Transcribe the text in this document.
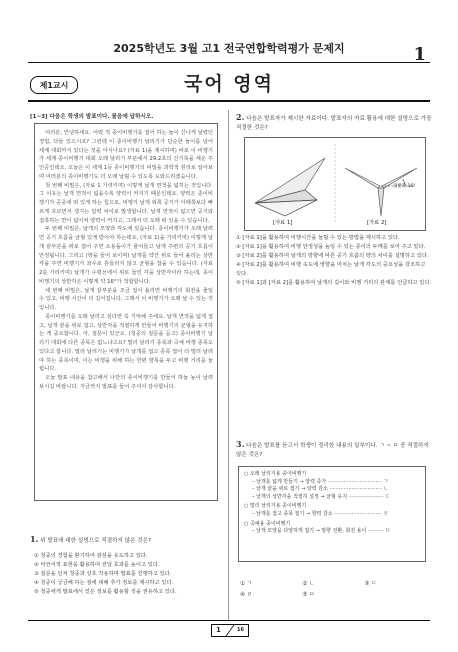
2025학년도 3월 고1 전국연합학력평가 문제지	1
제1교시	국어 영역
[1~3] 다음은 학생의 발표이다. 물음에 답하시오.

여러분, 안녕하세요. 어렸 적 종이비행기를 접어 하는 놀이 신나게 날렸던 경험, 다들 있으시죠? 그런데 이 종이비행기 날리기가 단순한 놀이를 넘어 세계 대회까지 있다는 것을 아시나요? (자료 1)을 제시하며) 바로 이 비행기가 세계 종이비행기 대회 오래 날리기 부분에서 29.2초의 신기록을 세운 주인공인데요. 오늘은 이 세계 1등 종이비행기의 비밀을 과학적 원리로 알아보며 여러분의 종이비행기도 더 오래 날릴 수 있도록 도와드리겠습니다.

첫 번째 비밀은, (자료 1 가리키며) 이렇게 날개 면적을 넓히는 것입니다. 그 이유는 날개 면적이 넓을수록 양력이 커지기 때문인데요. 양력은 종이비행기가 공중에 떠 있게 하는 힘으로, 비행기 날개 위쪽 공기가 아래쪽보다 빠르게 흐르면서 생기는 압력 차이로 발생합니다. 날개 면적이 넓으면 공기와 접촉하는 면이 넓어져 양력이 커지고, 그래서 더 오래 떠 있을 수 있습니다.

두 번째 비밀은, 날개의 모양과 각도에 있습니다. 종이비행기가 오래 날려면 공기 흐름을 균형 있게 받아야 하는데요, (자료 1)을 가리키며) 이렇게 날개 끝부분을 위로 접어 주면 소용돌이가 줄어들고 날개 주변의 공기 흐름이 안정됩니다. 그리고 (향을 들어 보이며) 날개를 약간 위로 들어 올리는 상반각을 주면 비행기가 좌우로 흔들리지 않고 균형을 잡을 수 있습니다. (자료 2를 가리키며) 날개가 수평선에서 위로 들린 각을 상반각이라 하는데, 종이비행기의 상반각은 이렇게 약 16°가 적합합니다.

세 번째 비밀은, 날개 끝부분을 조금 접어 올리면 비행기의 회전을 줄일 수 있고, 비행 시간이 더 길어집니다. 그래서 이 비행기가 오래 날 수 있는 것입니다.

종이비행기를 오래 날리고 싶다면 꼭 기억해 주세요. 날개 면적을 넓게 접고, 날개 끝을 위로 접고, 상반각을 적절하게 만들어 비행기의 균형을 유지하는 게 중요합니다. 아, 질문이 있군요. (청중의 질문을 듣고) 종이비행기 날리기 대회에 다른 종목은 없느냐고요? 멀리 날리기 종목과 곡예 비행 종목도 있다고 합니다. 멀리 날리기는 비행기가 날개를 접고 종목 접어 더 멀리 날려야 하는 종목이며, 이는 비행을 위해 하는 한편 향목을 두고 비행 거리를 늘립니다.

오늘 발표 내용을 참고해서 나만의 종이비행기를 만들어 하늘 높이 날려 보시길 바랍니다. 지금까지 발표를 들어 주셔서 감사합니다.

1. 위 발표에 대한 설명으로 적절하지 않은 것은?
① 청중의 경험을 환기하여 관심을 유도하고 있다.
② 비언어적 표현을 활용하여 전달 효과를 높이고 있다.
③ 질문을 던져 청중과 상호 작용하며 발표를 진행하고 있다.
④ 청중이 궁금해 하는 점에 대해 추가 정보를 제시하고 있다.
⑤ 청중에게 발표에서 얻은 정보를 활용할 것을 권유하고 있다.
2. 다음은 발표자가 제시한 자료이다. 발표자의 자료 활용에 대한 설명으로 가장 적절한 것은?
상반각 16°
[자료 1]	[자료 2]
① [자료 1]을 활용하여 비행시간을 늘릴 수 있는 방법을 제시하고 있다.
② [자료 1]을 활용하여 비행 안정성을 높일 수 있는 종이의 두께를 보여 주고 있다.
③ [자료 2]를 활용하여 날개의 방향에 따른 공기 흐름의 양의 차이를 설명하고 있다.
④ [자료 2]를 활용하여 비행 속도에 영향을 미치는 날개 각도의 중요성을 강조하고 있다.
⑤ [자료 1]과 [자료 2]를 활용하여 날개의 길이와 비행 거리의 관계를 언급하고 있다.
3. 다음은 발표를 듣고서 학생이 정리한 내용의 일부이다. ㄱ ~ ㅁ 중 적절하지 않은 것은?
○ 오래 날리기용 종이비행기
– 날개를 넓게 만들기 → 양력 증가 ·································· ㄱ
– 날개 끝을 위로 접기 → 양력 감소 ································· ㄴ
– 날개의 상반각을 적절히 설정 → 균형 유지 ······················ ㄷ
○ 멀리 날리기용 종이비행기
– 날개를 접고 종목 접기 → 향력 감소 ······························ ㄹ
○ 곡예용 종이비행기
– 날개 모양을 다양하게 접기 → 방향 전환, 회전 용이 ·········· ㅁ
① ㄱ	② ㄴ	③ ㄷ
④ ㄹ	⑤ ㅁ
1	16
